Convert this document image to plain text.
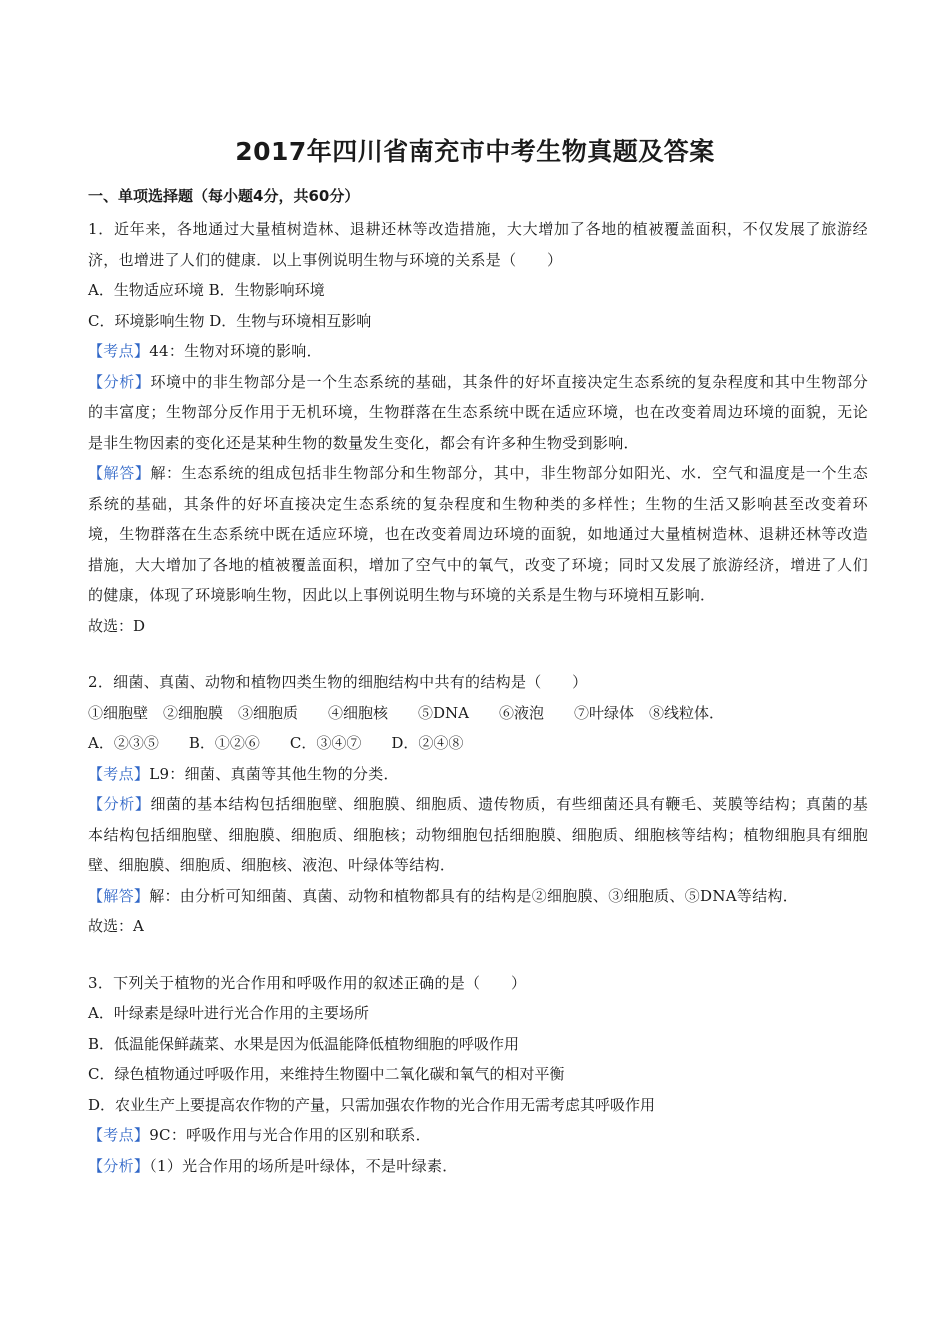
2017年四川省南充市中考生物真题及答案
一、单项选择题（每小题4分，共60分）
1．近年来，各地通过大量植树造林、退耕还林等改造措施，大大增加了各地的植被覆盖面积，不仅发展了旅游经济，也增进了人们的健康．以上事例说明生物与环境的关系是（　　）
A．生物适应环境 B．生物影响环境
C．环境影响生物 D．生物与环境相互影响
【考点】44：生物对环境的影响．
【分析】环境中的非生物部分是一个生态系统的基础，其条件的好坏直接决定生态系统的复杂程度和其中生物部分的丰富度；生物部分反作用于无机环境，生物群落在生态系统中既在适应环境，也在改变着周边环境的面貌，无论是非生物因素的变化还是某种生物的数量发生变化，都会有许多种生物受到影响．
【解答】解：生态系统的组成包括非生物部分和生物部分，其中，非生物部分如阳光、水．空气和温度是一个生态系统的基础，其条件的好坏直接决定生态系统的复杂程度和生物种类的多样性；生物的生活又影响甚至改变着环境，生物群落在生态系统中既在适应环境，也在改变着周边环境的面貌，如地通过大量植树造林、退耕还林等改造措施，大大增加了各地的植被覆盖面积，增加了空气中的氧气，改变了环境；同时又发展了旅游经济，增进了人们的健康，体现了环境影响生物，因此以上事例说明生物与环境的关系是生物与环境相互影响．
故选：D
2．细菌、真菌、动物和植物四类生物的细胞结构中共有的结构是（　　）
①细胞壁　②细胞膜　③细胞质　　④细胞核　　⑤DNA　　⑥液泡　　⑦叶绿体　⑧线粒体．
A．②③⑤　　B．①②⑥　　C．③④⑦　　D．②④⑧
【考点】L9：细菌、真菌等其他生物的分类．
【分析】细菌的基本结构包括细胞壁、细胞膜、细胞质、遗传物质，有些细菌还具有鞭毛、荚膜等结构；真菌的基本结构包括细胞壁、细胞膜、细胞质、细胞核；动物细胞包括细胞膜、细胞质、细胞核等结构；植物细胞具有细胞壁、细胞膜、细胞质、细胞核、液泡、叶绿体等结构．
【解答】解：由分析可知细菌、真菌、动物和植物都具有的结构是②细胞膜、③细胞质、⑤DNA等结构．
故选：A
3．下列关于植物的光合作用和呼吸作用的叙述正确的是（　　）
A．叶绿素是绿叶进行光合作用的主要场所
B．低温能保鲜蔬菜、水果是因为低温能降低植物细胞的呼吸作用
C．绿色植物通过呼吸作用，来维持生物圈中二氧化碳和氧气的相对平衡
D．农业生产上要提高农作物的产量，只需加强农作物的光合作用无需考虑其呼吸作用
【考点】9C：呼吸作用与光合作用的区别和联系．
【分析】（1）光合作用的场所是叶绿体，不是叶绿素．
